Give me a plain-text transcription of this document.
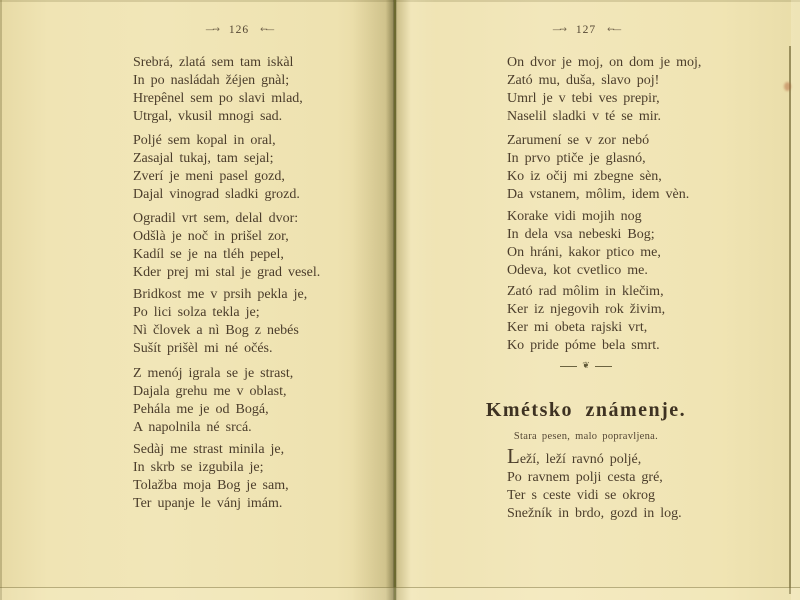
—→ 126 ←—
Srebrá, zlatá sem tam iskàl
In po nasládah žéjen gnàl;
Hrepênel sem po slavi mlad,
Utrgal, vkusil mnogi sad.
Poljé sem kopal in oral,
Zasajal tukaj, tam sejal;
Zverí je meni pasel gozd,
Dajal vinograd sladki grozd.
Ogradil vrt sem, delal dvor:
Odšlà je noč in prišel zor,
Kadíl se je na tléh pepel,
Kder prej mi stal je grad vesel.
Bridkost me v prsih pekla je,
Po lici solza tekla je;
Nì človek a nì Bog z nebés
Sušít prišèl mi né očés.
Z menój igrala se je strast,
Dajala grehu me v oblast,
Pehála me je od Bogá,
A napolnila né srcá.
Sedàj me strast minila je,
In skrb se izgubila je;
Tolažba moja Bog je sam,
Ter upanje le vánj imám.
—→ 127 ←—
On dvor je moj, on dom je moj,
Zató mu, duša, slavo poj!
Umrl je v tebi ves prepir,
Naselil sladki v té se mir.
Zarumení se v zor nebó
In prvo ptiče je glasnó,
Ko iz očij mi zbegne sèn,
Da vstanem, môlim, idem vèn.
Korake vidi mojih nog
In dela vsa nebeski Bog;
On hráni, kakor ptico me,
Odeva, kot cvetlico me.
Zató rad môlim in klečim,
Ker iz njegovih rok živim,
Ker mi obeta rajski vrt,
Ko pride póme bela smrt.
❦
Kmétsko známenje.
Stara pesen, malo popravljena.
Leží, leží ravnó poljé,
Po ravnem polji cesta gré,
Ter s ceste vidi se okrog
Snežník in brdo, gozd in log.
